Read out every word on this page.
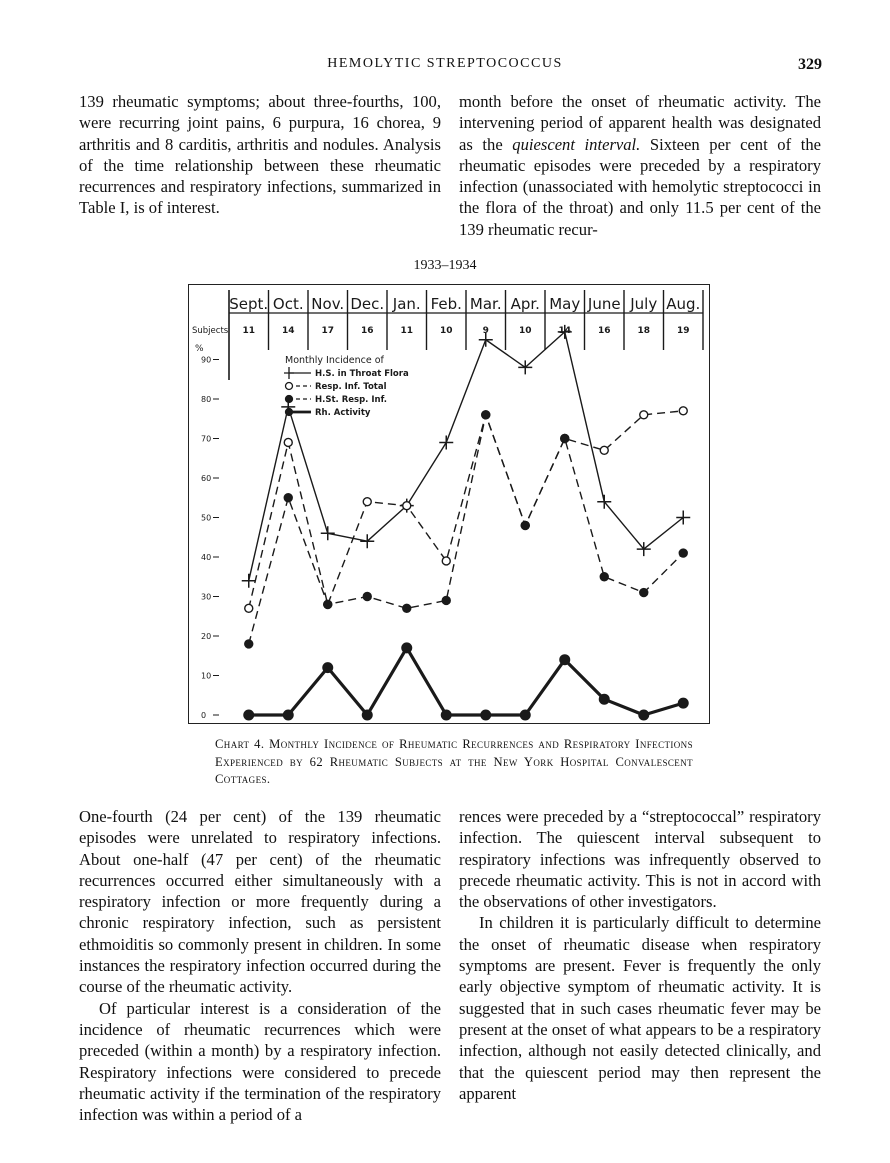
HEMOLYTIC STREPTOCOCCUS	329

139 rheumatic symptoms; about three-fourths, 100, were recurring joint pains, 6 purpura, 16 chorea, 9 arthritis and 8 carditis, arthritis and nodules. Analysis of the time relationship between these rheumatic recurrences and respiratory infections, summarized in Table I, is of interest.

month before the onset of rheumatic activity. The intervening period of apparent health was designated as the quiescent interval. Sixteen per cent of the rheumatic episodes were preceded by a respiratory infection (unassociated with hemolytic streptococci in the flora of the throat) and only 11.5 per cent of the 139 rheumatic recur-

1933–1934
Sept. Oct. Nov. Dec. Jan. Feb. Mar. Apr. May June July Aug.
Subjects 11	14	17	16	11	10	9	10	14	16	18	19
%
0
10
20
30
40
50
60
70
80
90	Monthly Incidence of
H.S. in Throat Flora
Resp. Inf. Total
H.St. Resp. Inf.
Rh. Activity
Chart 4. Monthly Incidence of Rheumatic Recurrences and Respiratory Infections Experienced by 62 Rheumatic Subjects at the New York Hospital Convalescent Cottages.

One-fourth (24 per cent) of the 139 rheumatic episodes were unrelated to respiratory infections. About one-half (47 per cent) of the rheumatic recurrences occurred either simultaneously with a respiratory infection or more frequently during a chronic respiratory infection, such as persistent ethmoiditis so commonly present in children. In some instances the respiratory infection occurred during the course of the rheumatic activity.

Of particular interest is a consideration of the incidence of rheumatic recurrences which were preceded (within a month) by a respiratory infection. Respiratory infections were considered to precede rheumatic activity if the termination of the respiratory infection was within a period of a

rences were preceded by a “streptococcal” respiratory infection. The quiescent interval subsequent to respiratory infections was infrequently observed to precede rheumatic activity. This is not in accord with the observations of other investigators.

In children it is particularly difficult to determine the onset of rheumatic disease when respiratory symptoms are present. Fever is frequently the only early objective symptom of rheumatic activity. It is suggested that in such cases rheumatic fever may be present at the onset of what appears to be a respiratory infection, although not easily detected clinically, and that the quiescent period may then represent the apparent
